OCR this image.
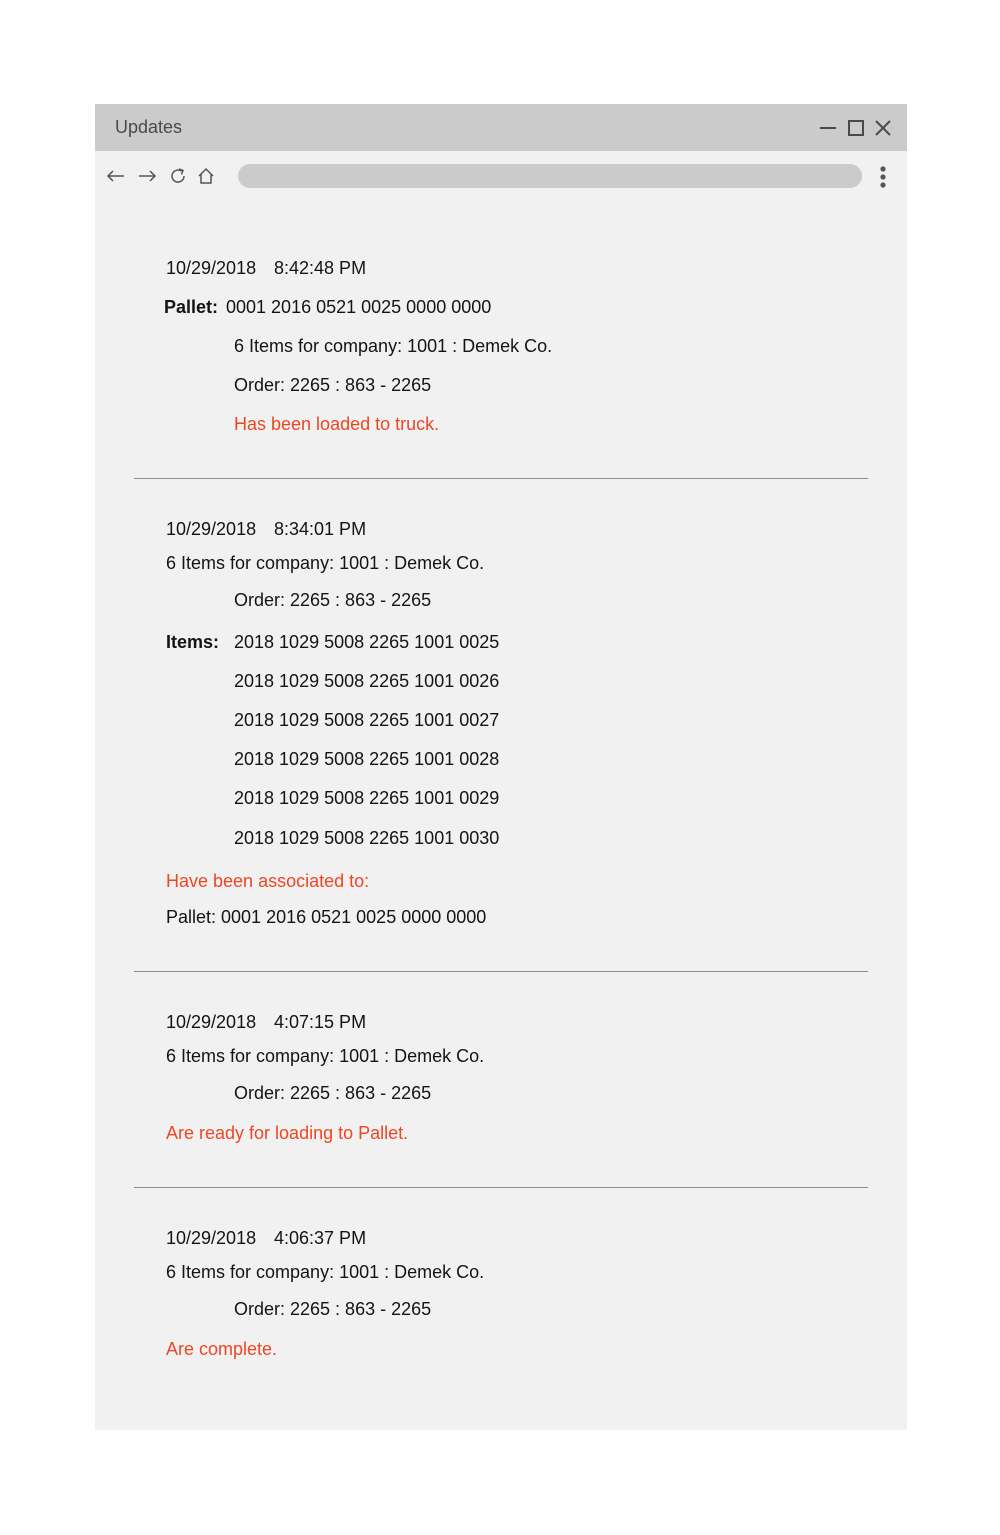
Updates
10/29/2018 8:42:48 PM
Pallet: 0001 2016 0521 0025 0000 0000
6 Items for company: 1001 : Demek Co.
Order: 2265 : 863 - 2265
Has been loaded to truck.
10/29/2018 8:34:01 PM
6 Items for company: 1001 : Demek Co.
Order: 2265 : 863 - 2265
Items: 2018 1029 5008 2265 1001 0025
2018 1029 5008 2265 1001 0026
2018 1029 5008 2265 1001 0027
2018 1029 5008 2265 1001 0028
2018 1029 5008 2265 1001 0029
2018 1029 5008 2265 1001 0030
Have been associated to:
Pallet: 0001 2016 0521 0025 0000 0000
10/29/2018 4:07:15 PM
6 Items for company: 1001 : Demek Co.
Order: 2265 : 863 - 2265
Are ready for loading to Pallet.
10/29/2018 4:06:37 PM
6 Items for company: 1001 : Demek Co.
Order: 2265 : 863 - 2265
Are complete.
